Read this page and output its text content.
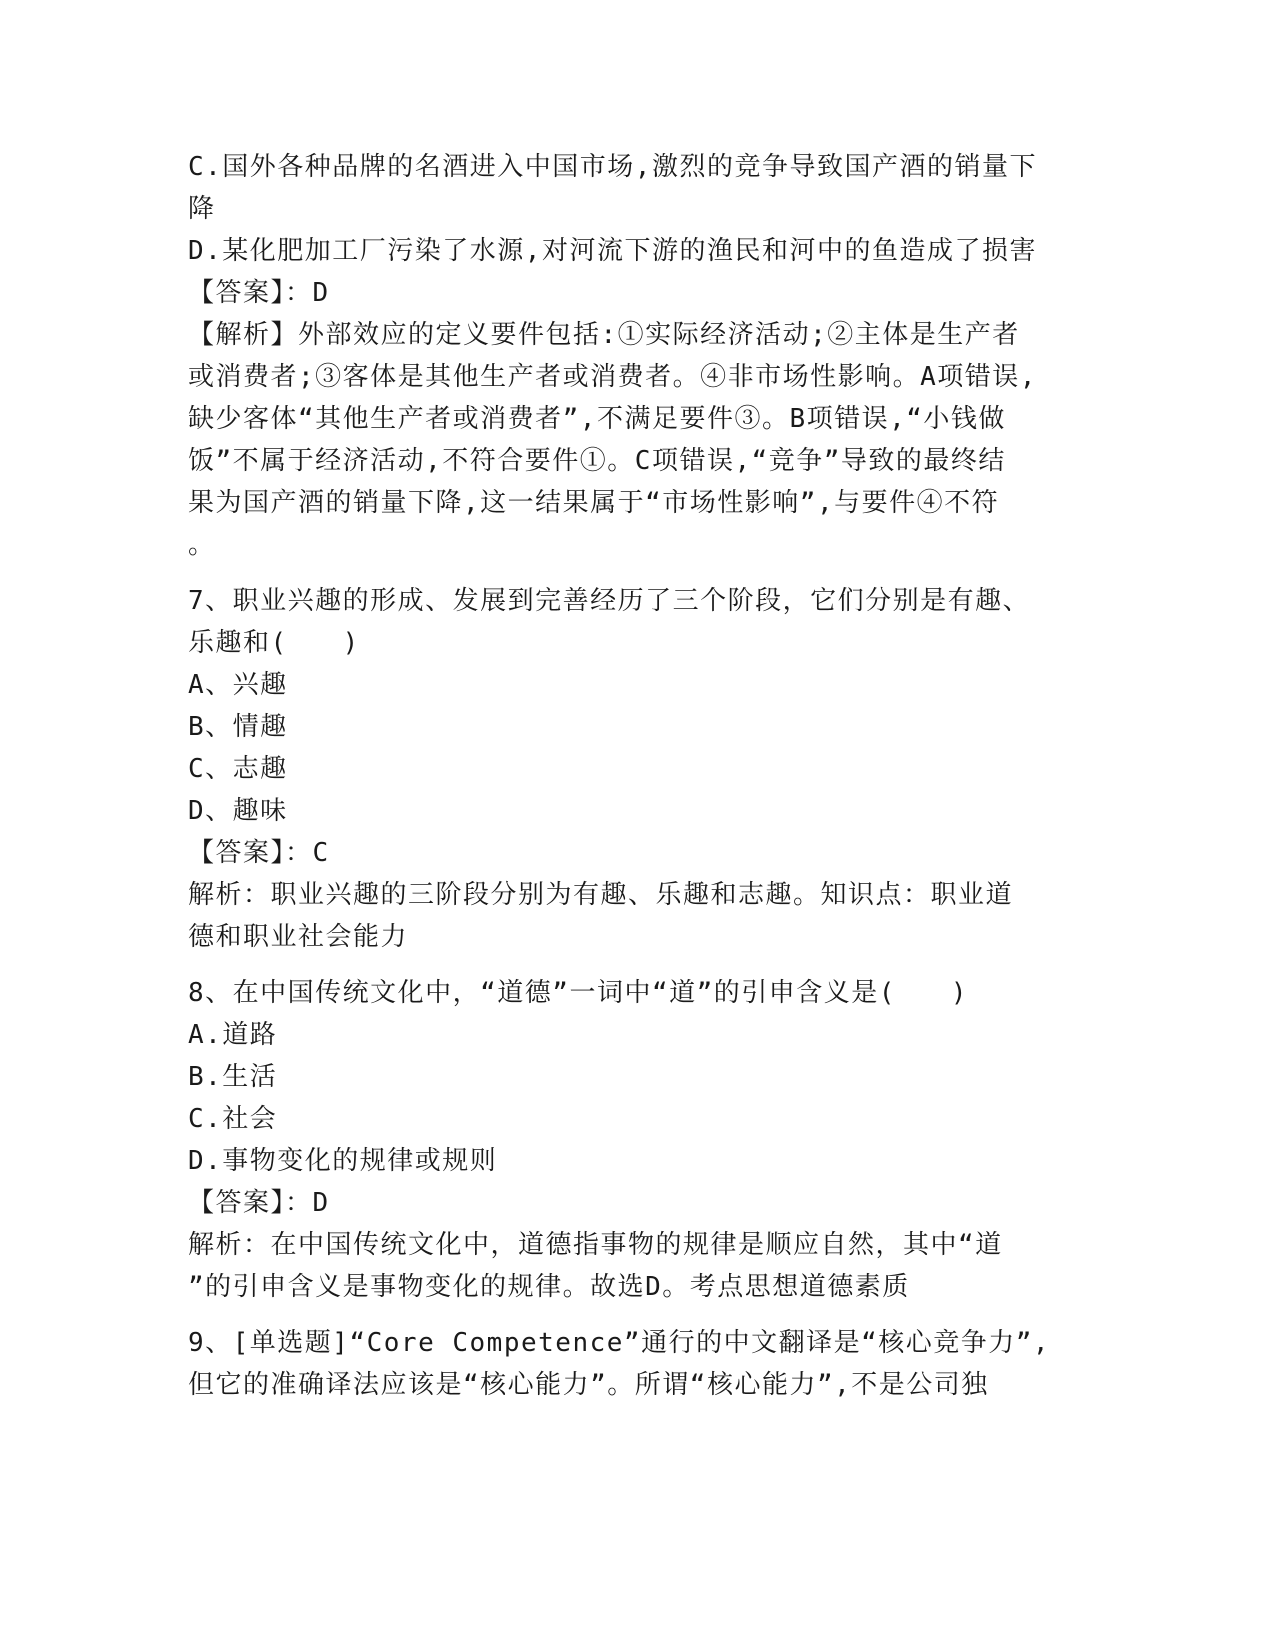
C.国外各种品牌的名酒进入中国市场,激烈的竞争导致国产酒的销量下
降
D.某化肥加工厂污染了水源,对河流下游的渔民和河中的鱼造成了损害
【答案】：D
【解析】外部效应的定义要件包括:①实际经济活动;②主体是生产者
或消费者;③客体是其他生产者或消费者。④非市场性影响。A项错误,
缺少客体“其他生产者或消费者”,不满足要件③。B项错误,“小钱做
饭”不属于经济活动,不符合要件①。C项错误,“竞争”导致的最终结
果为国产酒的销量下降,这一结果属于“市场性影响”,与要件④不符
。
7、职业兴趣的形成、发展到完善经历了三个阶段，它们分别是有趣、
乐趣和(　　)
A、兴趣
B、情趣
C、志趣
D、趣味
【答案】：C
解析：职业兴趣的三阶段分别为有趣、乐趣和志趣。知识点：职业道
德和职业社会能力
8、在中国传统文化中，“道德”一词中“道”的引申含义是(　　)
A.道路
B.生活
C.社会
D.事物变化的规律或规则
【答案】：D
解析：在中国传统文化中，道德指事物的规律是顺应自然，其中“道
”的引申含义是事物变化的规律。故选D。考点思想道德素质
9、[单选题]“Core Competence”通行的中文翻译是“核心竞争力”,
但它的准确译法应该是“核心能力”。所谓“核心能力”,不是公司独
